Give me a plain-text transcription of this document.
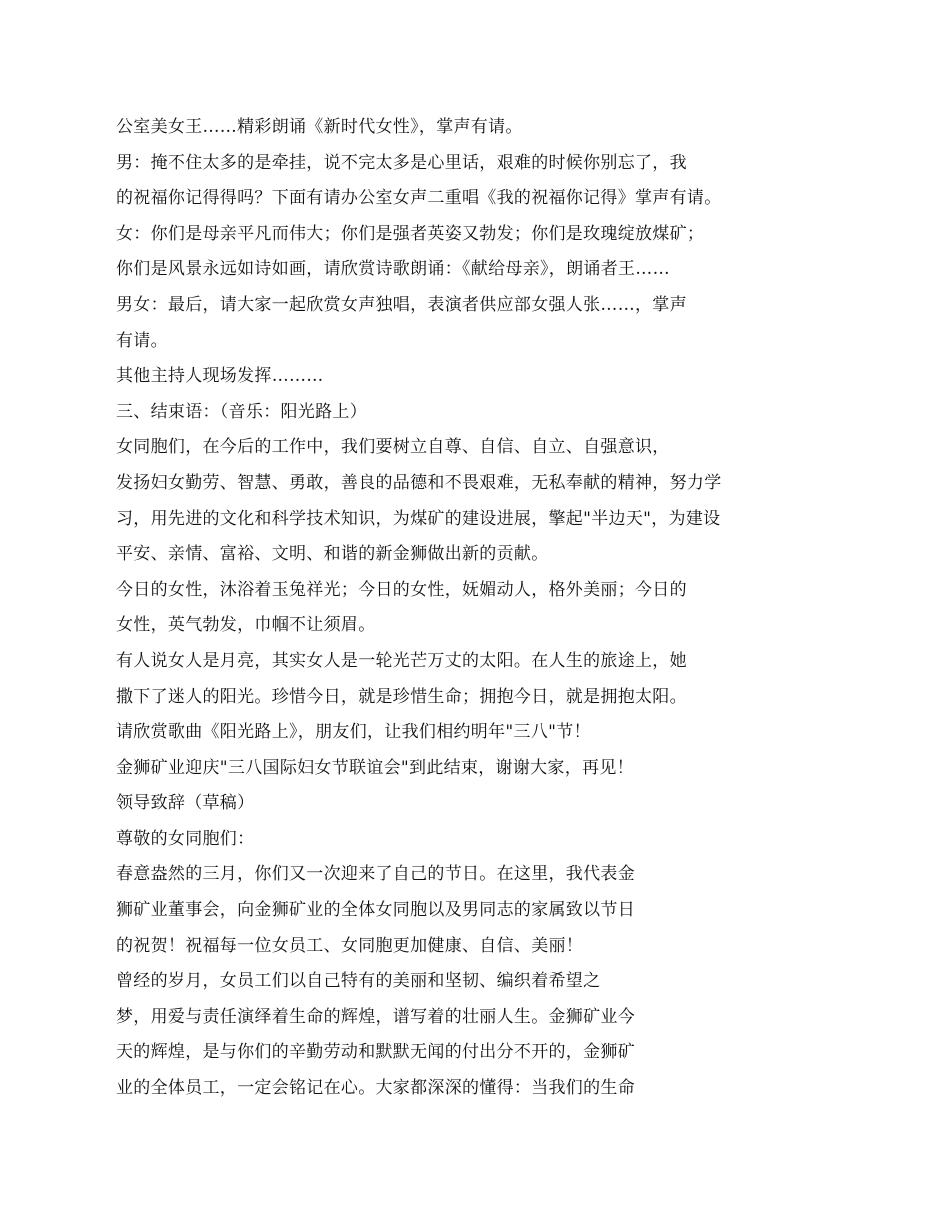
公室美女王……精彩朗诵《新时代女性》，掌声有请。
男：掩不住太多的是牵挂，说不完太多是心里话，艰难的时候你别忘了，我
的祝福你记得得吗？下面有请办公室女声二重唱《我的祝福你记得》掌声有请。
女：你们是母亲平凡而伟大；你们是强者英姿又勃发；你们是玫瑰绽放煤矿；
你们是风景永远如诗如画，请欣赏诗歌朗诵：《献给母亲》，朗诵者王……
男女：最后，请大家一起欣赏女声独唱，表演者供应部女强人张……，掌声
有请。
其他主持人现场发挥………
三、结束语：（音乐：阳光路上）
女同胞们，在今后的工作中，我们要树立自尊、自信、自立、自强意识，
发扬妇女勤劳、智慧、勇敢，善良的品德和不畏艰难，无私奉献的精神，努力学
习，用先进的文化和科学技术知识，为煤矿的建设进展，擎起"半边天"，为建设
平安、亲情、富裕、文明、和谐的新金狮做出新的贡献。
今日的女性，沐浴着玉兔祥光；今日的女性，妩媚动人，格外美丽；今日的
女性，英气勃发，巾帼不让须眉。
有人说女人是月亮，其实女人是一轮光芒万丈的太阳。在人生的旅途上，她
撒下了迷人的阳光。珍惜今日，就是珍惜生命；拥抱今日，就是拥抱太阳。
请欣赏歌曲《阳光路上》，朋友们，让我们相约明年"三八"节！
金狮矿业迎庆"三八国际妇女节联谊会"到此结束，谢谢大家，再见！
领导致辞（草稿）
尊敬的女同胞们：
春意盎然的三月，你们又一次迎来了自己的节日。在这里，我代表金
狮矿业董事会，向金狮矿业的全体女同胞以及男同志的家属致以节日
的祝贺！祝福每一位女员工、女同胞更加健康、自信、美丽！
曾经的岁月，女员工们以自己特有的美丽和坚韧、编织着希望之
梦，用爱与责任演绎着生命的辉煌，谱写着的壮丽人生。金狮矿业今
天的辉煌，是与你们的辛勤劳动和默默无闻的付出分不开的，金狮矿
业的全体员工，一定会铭记在心。大家都深深的懂得：当我们的生命
